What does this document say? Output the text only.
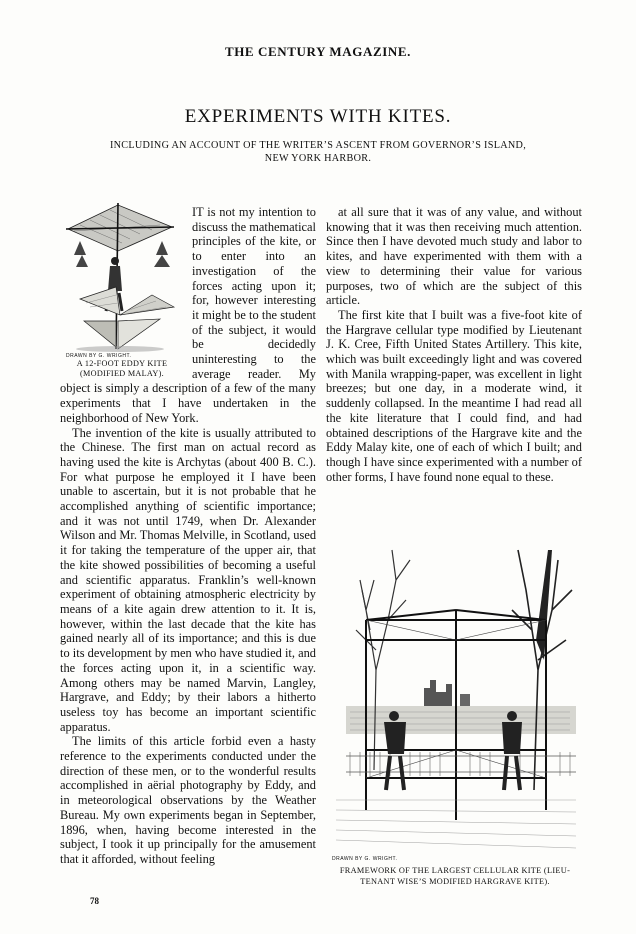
THE CENTURY MAGAZINE.
EXPERIMENTS WITH KITES.
INCLUDING AN ACCOUNT OF THE WRITER’S ASCENT FROM GOVERNOR’S ISLAND,
NEW YORK HARBOR.
DRAWN BY G. WRIGHT.
A 12-FOOT EDDY KITE
(MODIFIED MALAY).

IT is not my intention to discuss the mathematical principles of the kite, or to enter into an investigation of the forces acting upon it; for, however interesting it might be to the student of the subject, it would be decidedly uninteresting to the average reader. My object is simply a description of a few of the many experiments that I have undertaken in the neighborhood of New York.

The invention of the kite is usually attributed to the Chinese. The first man on actual record as having used the kite is Archytas (about 400 B. C.). For what purpose he employed it I have been unable to ascertain, but it is not probable that he accomplished anything of scientific importance; and it was not until 1749, when Dr. Alexander Wilson and Mr. Thomas Melville, in Scotland, used it for taking the temperature of the upper air, that the kite showed possibilities of becoming a useful and scientific apparatus. Franklin’s well-known experiment of obtaining atmospheric electricity by means of a kite again drew attention to it. It is, however, within the last decade that the kite has gained nearly all of its importance; and this is due to its development by men who have studied it, and the forces acting upon it, in a scientific way. Among others may be named Marvin, Langley, Hargrave, and Eddy; by their labors a hitherto useless toy has become an important scientific apparatus.

The limits of this article forbid even a hasty reference to the experiments conducted under the direction of these men, or to the wonderful results accomplished in aërial photography by Eddy, and in meteorological observations by the Weather Bureau. My own experiments began in September, 1896, when, having become interested in the subject, I took it up principally for the amusement that it afforded, without feeling

at all sure that it was of any value, and without knowing that it was then receiving much attention. Since then I have devoted much study and labor to kites, and have experimented with them with a view to determining their value for various purposes, two of which are the subject of this article.

The first kite that I built was a five-foot kite of the Hargrave cellular type modified by Lieutenant J. K. Cree, Fifth United States Artillery. This kite, which was built exceedingly light and was covered with Manila wrapping-paper, was excellent in light breezes; but one day, in a moderate wind, it suddenly collapsed. In the meantime I had read all the kite literature that I could find, and had obtained descriptions of the Hargrave kite and the Eddy Malay kite, one of each of which I built; and though I have since experimented with a number of other forms, I have found none equal to these.

DRAWN BY G. WRIGHT.
FRAMEWORK OF THE LARGEST CELLULAR KITE (LIEU-
TENANT WISE’S MODIFIED HARGRAVE KITE).
78
